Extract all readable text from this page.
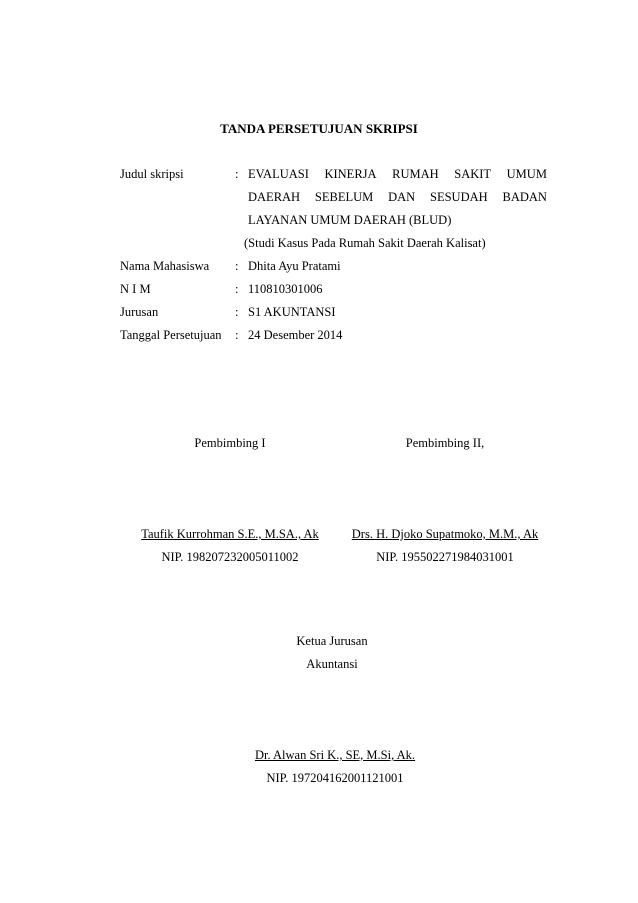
TANDA PERSETUJUAN SKRIPSI
Judul skripsi	: EVALUASI KINERJA RUMAH SAKIT UMUM
DAERAH SEBELUM DAN SESUDAH BADAN
LAYANAN UMUM DAERAH (BLUD)
(Studi Kasus Pada Rumah Sakit Daerah Kalisat)
Nama Mahasiswa : Dhita Ayu Pratami
N I M	: 110810301006
Jurusan	: S1 AKUNTANSI
Tanggal Persetujuan : 24 Desember 2014
Pembimbing I
Taufik Kurrohman S.E., M.SA., Ak
NIP. 198207232005011002
Pembimbing II,
Drs. H. Djoko Supatmoko, M.M., Ak
NIP. 195502271984031001
Ketua Jurusan
Akuntansi
Dr. Alwan Sri K., SE, M.Si, Ak.
NIP. 197204162001121001
